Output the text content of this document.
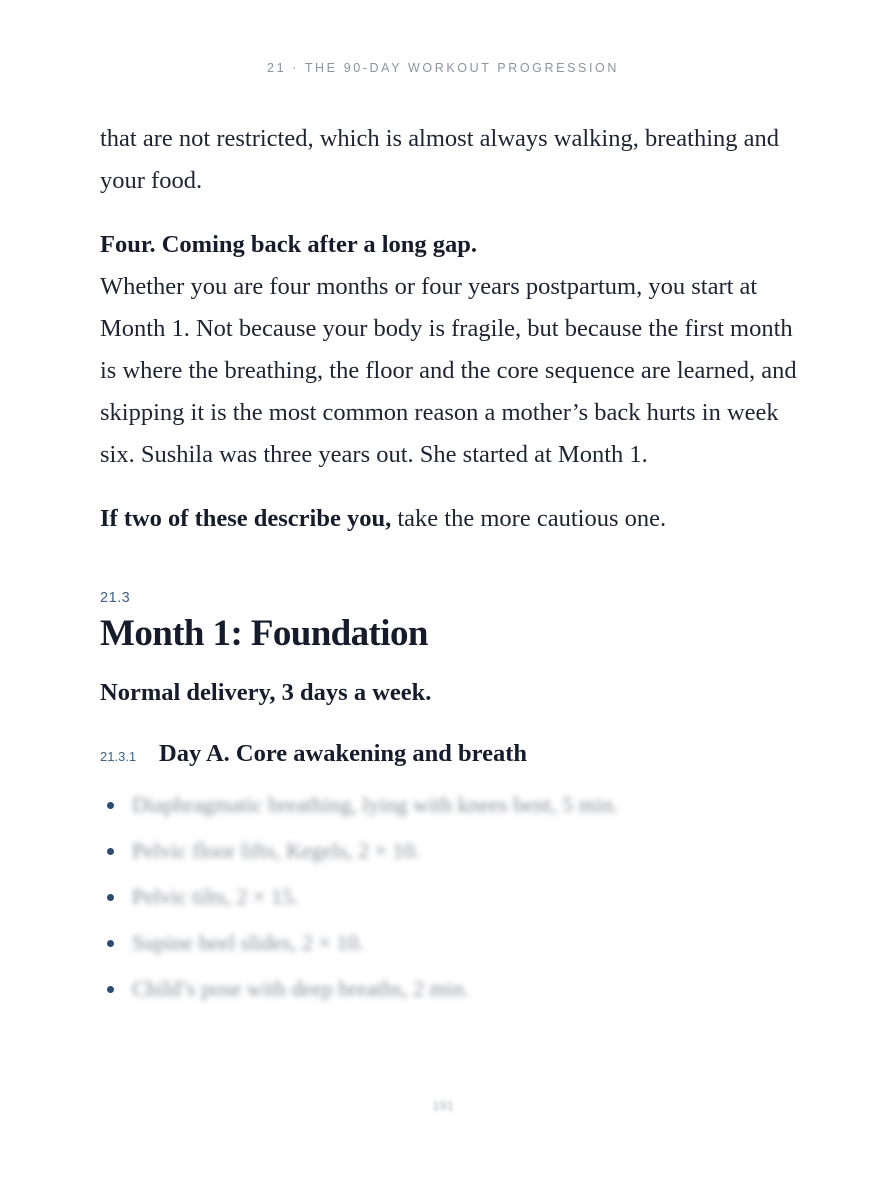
21 · THE 90-DAY WORKOUT PROGRESSION

that are not restricted, which is almost always walking, breathing and your food.

Four. Coming back after a long gap.

Whether you are four months or four years postpartum, you start at Month 1. Not because your body is fragile, but because the first month is where the breathing, the floor and the core sequence are learned, and skipping it is the most common reason a mother’s back hurts in week six. Sushila was three years out. She started at Month 1.

If two of these describe you, take the more cautious one.

21.3
Month 1: Foundation
Normal delivery, 3 days a week.
21.3.1 Day A. Core awakening and breath
Diaphragmatic breathing, lying with knees bent, 5 min.
Pelvic floor lifts, Kegels, 2 × 10.
Pelvic tilts, 2 × 15.
Supine heel slides, 2 × 10.
Child’s pose with deep breaths, 2 min.
191
